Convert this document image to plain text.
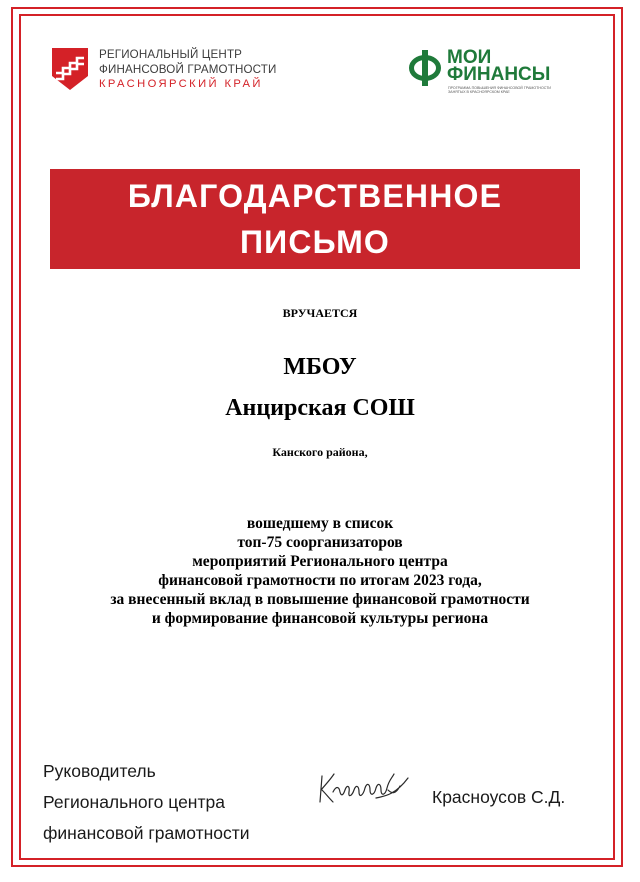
РЕГИОНАЛЬНЫЙ ЦЕНТР
ФИНАНСОВОЙ ГРАМОТНОСТИ
КРАСНОЯРСКИЙ КРАЙ
МОИ
ФИНАНСЫ
ПРОГРАММА ПОВЫШЕНИЯ ФИНАНСОВОЙ ГРАМОТНОСТИ ЗАНЯТЫХ В КРАСНОЯРСКОМ КРАЕ
БЛАГОДАРСТВЕННОЕ
ПИСЬМО
ВРУЧАЕТСЯ
МБОУ
Анцирская СОШ
Канского района,
вошедшему в список
топ-75 соорганизаторов
мероприятий Регионального центра
финансовой грамотности по итогам 2023 года,
за внесенный вклад в повышение финансовой грамотности
и формирование финансовой культуры региона
Руководитель
Регионального центра
финансовой грамотности
Красноусов С.Д.
